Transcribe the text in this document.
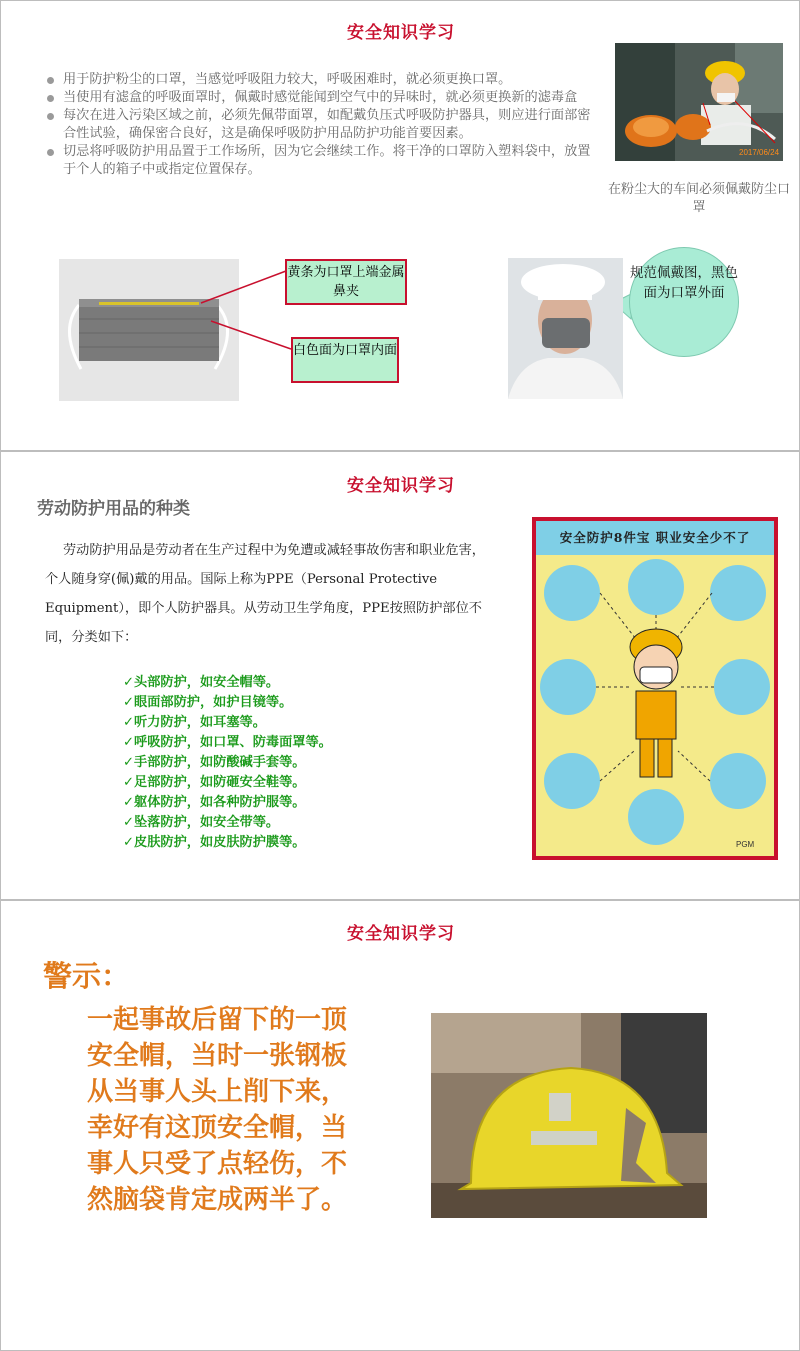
安全知识学习
用于防护粉尘的口罩，当感觉呼吸阻力较大，呼吸困难时，就必须更换口罩。
当使用有滤盒的呼吸面罩时，佩戴时感觉能闻到空气中的异味时，就必须更换新的滤毒盒
每次在进入污染区域之前，必须先佩带面罩，如配戴负压式呼吸防护器具，则应进行面部密合性试验，确保密合良好，这是确保呼吸防护用品防护功能首要因素。
切忌将呼吸防护用品置于工作场所，因为它会继续工作。将干净的口罩防入塑料袋中，放置于个人的箱子中或指定位置保存。
2017/06/24
在粉尘大的车间必须佩戴防尘口罩
黄条为口罩上端金属鼻夹
白色面为口罩内面
规范佩戴图，黑色面为口罩外面
安全知识学习
劳动防护用品的种类
劳动防护用品是劳动者在生产过程中为免遭或减轻事故伤害和职业危害，个人随身穿(佩)戴的用品。国际上称为PPE（Personal Protective Equipment），即个人防护器具。从劳动卫生学角度，PPE按照防护部位不同，分类如下：
✓头部防护，如安全帽等。
✓眼面部防护，如护目镜等。
✓听力防护，如耳塞等。
✓呼吸防护，如口罩、防毒面罩等。
✓手部防护，如防酸碱手套等。
✓足部防护，如防砸安全鞋等。
✓躯体防护，如各种防护服等。
✓坠落防护，如安全带等。
✓皮肤防护，如皮肤防护膜等。
安全防护8件宝 职业安全少不了
PGM
安全知识学习
警示：
一起事故后留下的一顶安全帽，当时一张钢板从当事人头上削下来，幸好有这顶安全帽，当事人只受了点轻伤，不然脑袋肯定成两半了。
